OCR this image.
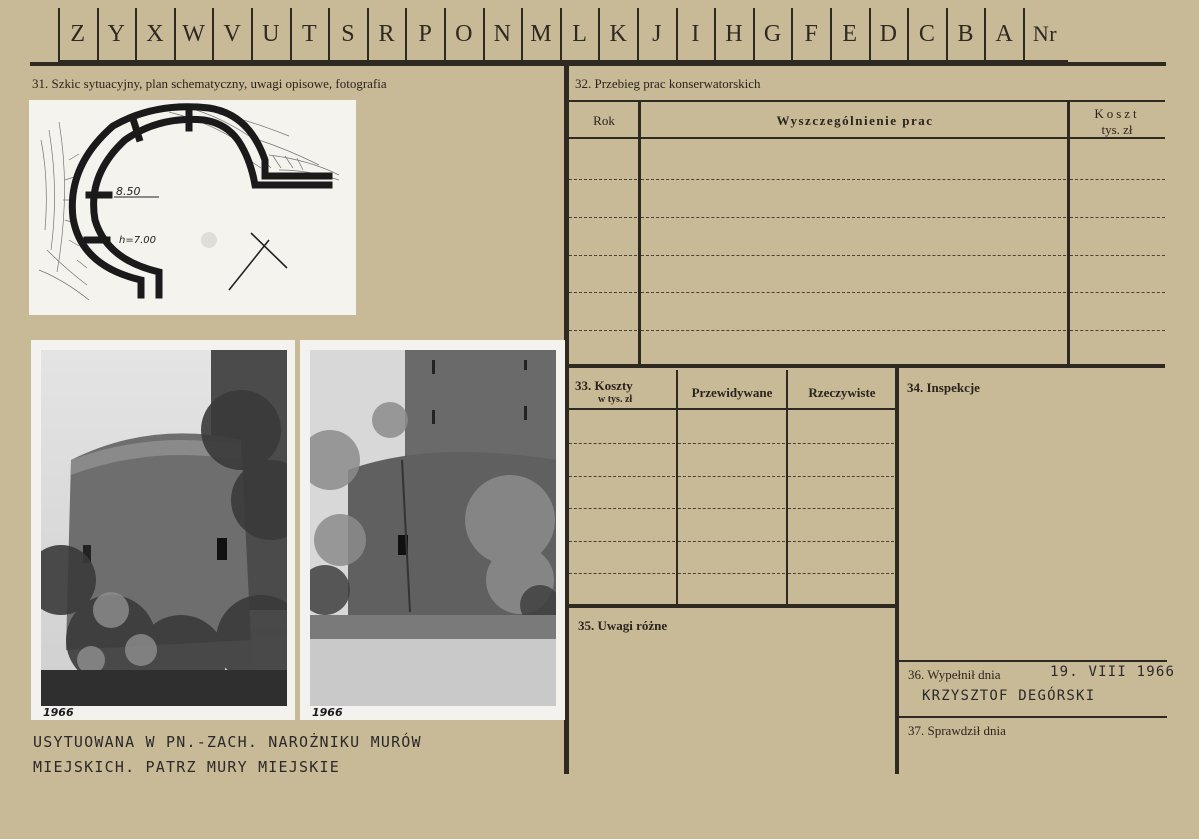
Z Y X W V U T	S R P O N M L K	J	I	H G F	E D C B A Nr
31. Szkic sytuacyjny, plan schematyczny, uwagi opisowe, fotografia
8.50
h=7.00
1966	1966
USYTUOWANA W PN.-ZACH. NAROŻNIKU MURÓW
MIEJSKICH. PATRZ MURY MIEJSKIE
32. Przebieg prac konserwatorskich
Rok	Wyszczególnienie prac	Koszt
tys. zł
33. Koszty
w tys. zł	Przewidywane	Rzeczywiste	34. Inspekcje
35. Uwagi różne
36. Wypełnił dnia	19. VIII 1966
KRZYSZTOF DEGÓRSKI
37. Sprawdził dnia
